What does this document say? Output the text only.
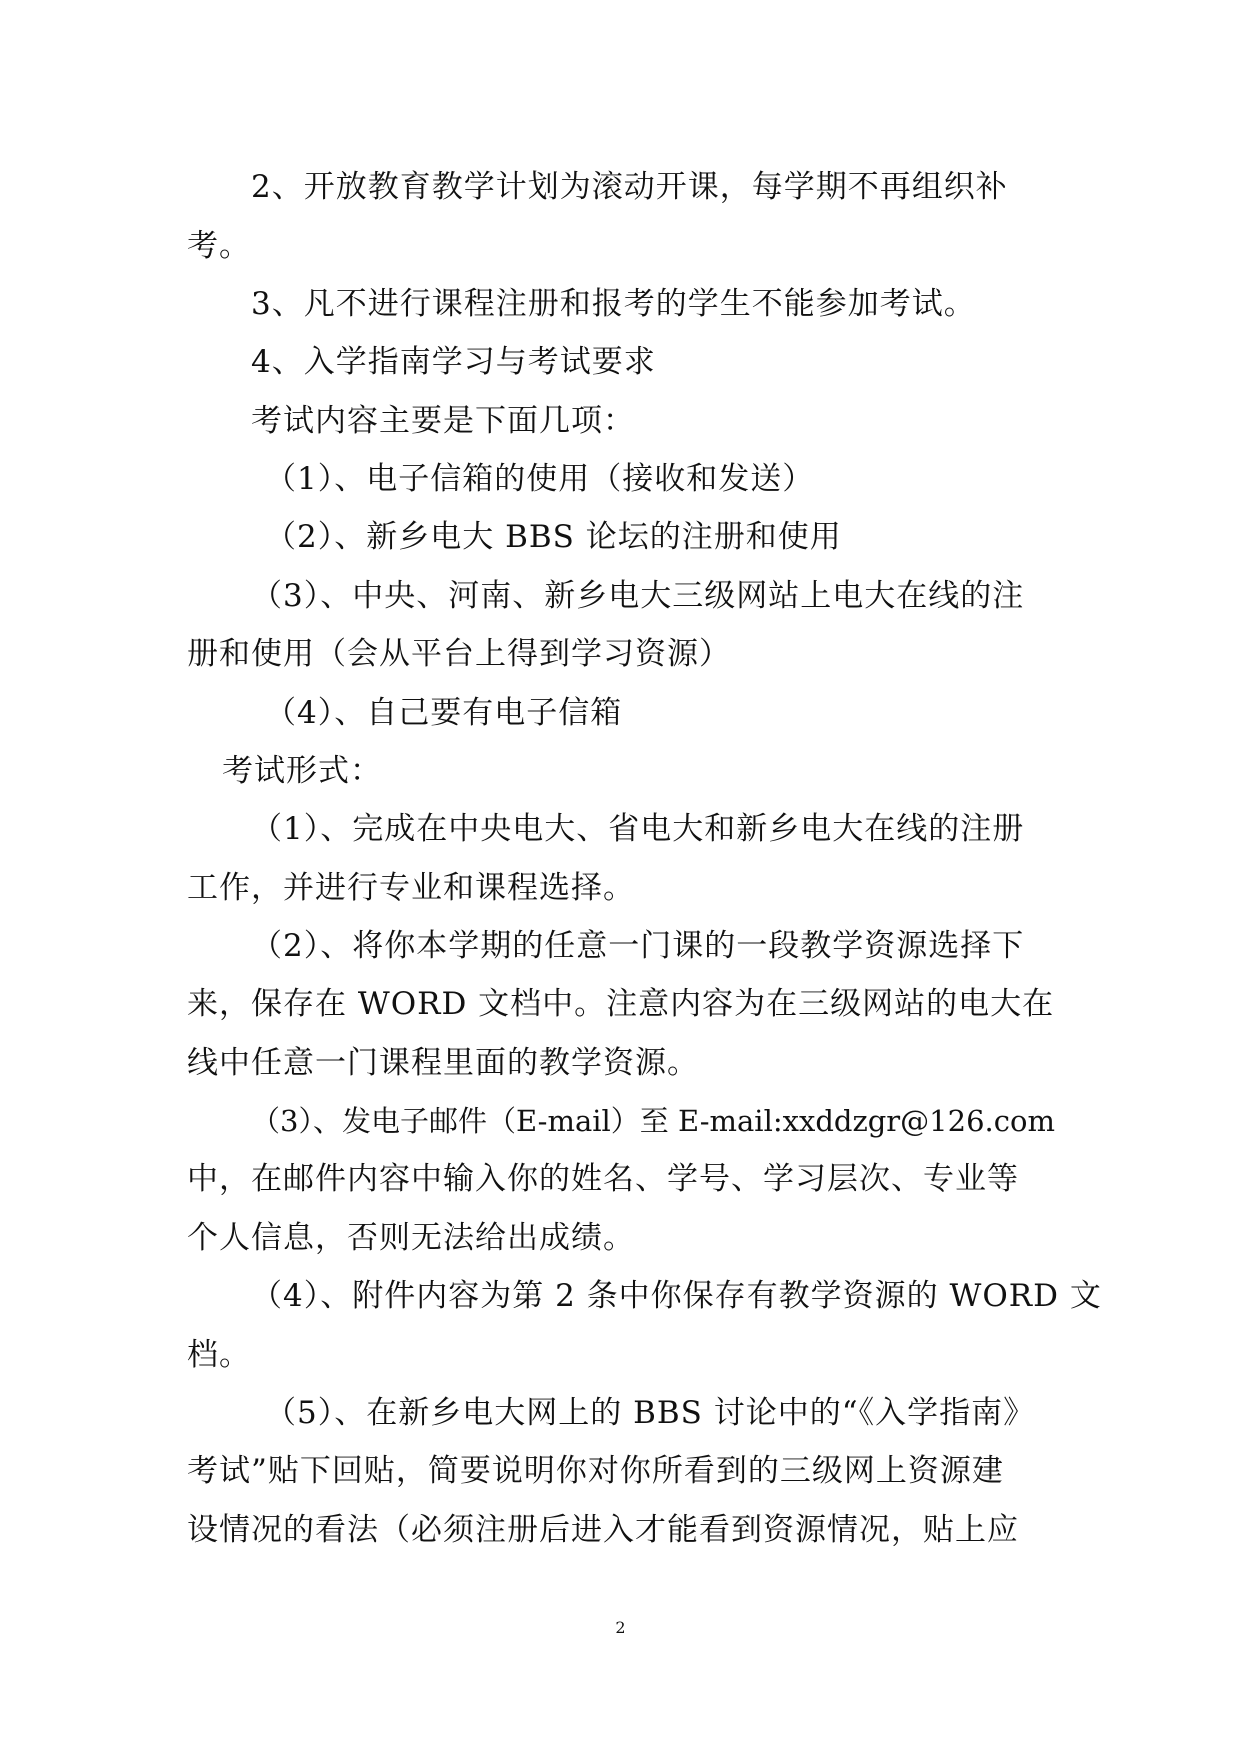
2、开放教育教学计划为滚动开课，每学期不再组织补
考。
3、凡不进行课程注册和报考的学生不能参加考试。
4、入学指南学习与考试要求
考试内容主要是下面几项：
（1）、电子信箱的使用（接收和发送）
（2）、新乡电大 BBS 论坛的注册和使用
（3）、中央、河南、新乡电大三级网站上电大在线的注
册和使用（会从平台上得到学习资源）
（4）、自己要有电子信箱
考试形式：
（1）、完成在中央电大、省电大和新乡电大在线的注册
工作，并进行专业和课程选择。
（2）、将你本学期的任意一门课的一段教学资源选择下
来，保存在 WORD 文档中。注意内容为在三级网站的电大在
线中任意一门课程里面的教学资源。
（3）、发电子邮件（E-mail）至 E-mail:xxddzgr@126.com
中，在邮件内容中输入你的姓名、学号、学习层次、专业等
个人信息，否则无法给出成绩。
（4）、附件内容为第 2 条中你保存有教学资源的 WORD 文
档。
（5）、在新乡电大网上的 BBS 讨论中的“《入学指南》
考试”贴下回贴，简要说明你对你所看到的三级网上资源建
设情况的看法（必须注册后进入才能看到资源情况，贴上应
2
